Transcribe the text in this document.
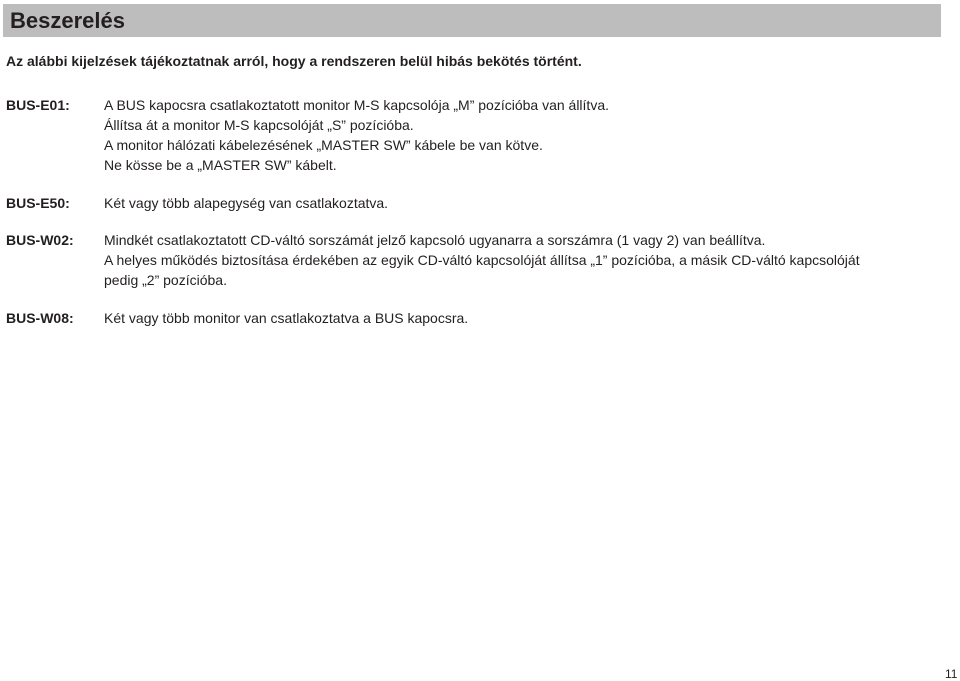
Beszerelés
Az alábbi kijelzések tájékoztatnak arról, hogy a rendszeren belül hibás bekötés történt.
BUS-E01: A BUS kapocsra csatlakoztatott monitor M-S kapcsolója „M” pozícióba van állítva.
Állítsa át a monitor M-S kapcsolóját „S” pozícióba.
A monitor hálózati kábelezésének „MASTER SW” kábele be van kötve.
Ne kösse be a „MASTER SW” kábelt.
BUS-E50: Két vagy több alapegység van csatlakoztatva.
BUS-W02: Mindkét csatlakoztatott CD-váltó sorszámát jelző kapcsoló ugyanarra a sorszámra (1 vagy 2) van beállítva.
A helyes működés biztosítása érdekében az egyik CD-váltó kapcsolóját állítsa „1” pozícióba, a másik CD-váltó kapcsolóját
pedig „2” pozícióba.
BUS-W08: Két vagy több monitor van csatlakoztatva a BUS kapocsra.
11
